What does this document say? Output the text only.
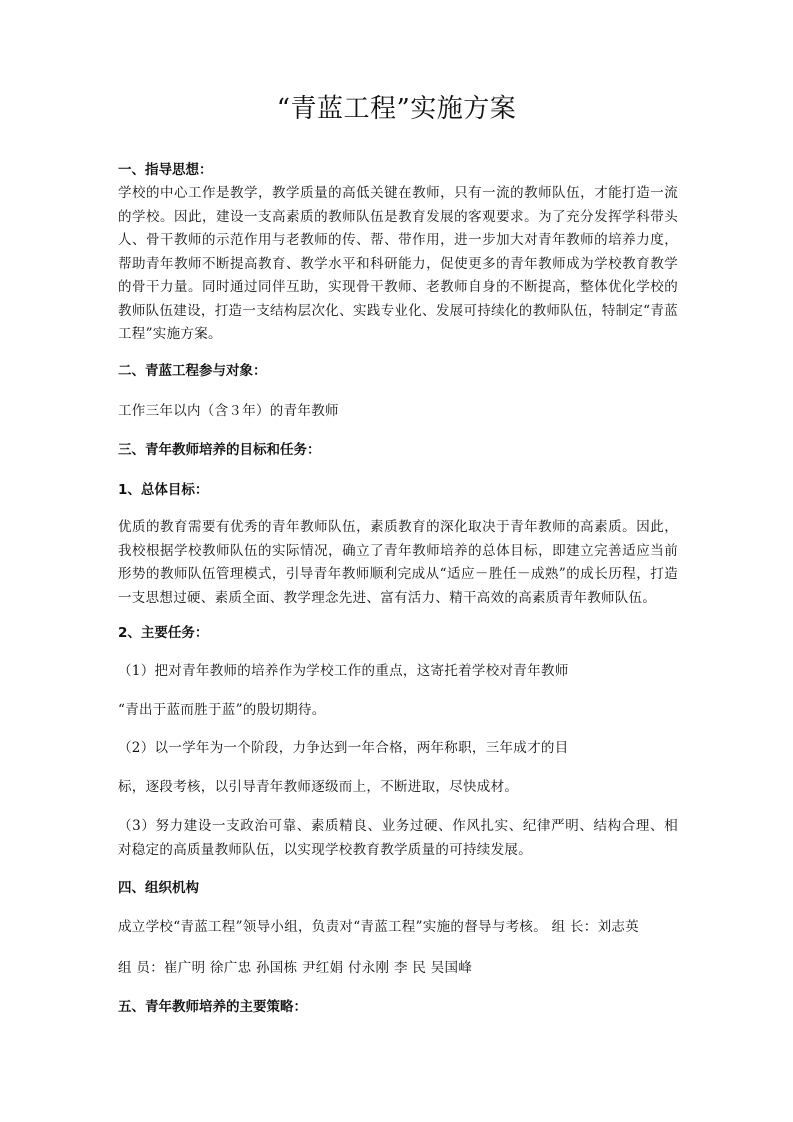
“青蓝工程”实施方案

一、指导思想：

学校的中心工作是教学，教学质量的高低关键在教师，只有一流的教师队伍，才能打造一流的学校。因此，建设一支高素质的教师队伍是教育发展的客观要求。为了充分发挥学科带头人、骨干教师的示范作用与老教师的传、帮、带作用，进一步加大对青年教师的培养力度，帮助青年教师不断提高教育、教学水平和科研能力，促使更多的青年教师成为学校教育教学的骨干力量。同时通过同伴互助，实现骨干教师、老教师自身的不断提高，整体优化学校的教师队伍建设，打造一支结构层次化、实践专业化、发展可持续化的教师队伍，特制定“青蓝工程”实施方案。

二、青蓝工程参与对象：

工作三年以内（含３年）的青年教师

三、青年教师培养的目标和任务：

1、总体目标：

优质的教育需要有优秀的青年教师队伍，素质教育的深化取决于青年教师的高素质。因此，我校根据学校教师队伍的实际情况，确立了青年教师培养的总体目标，即建立完善适应当前形势的教师队伍管理模式，引导青年教师顺利完成从“适应－胜任－成熟”的成长历程，打造一支思想过硬、素质全面、教学理念先进、富有活力、精干高效的高素质青年教师队伍。

2、主要任务：

（1）把对青年教师的培养作为学校工作的重点，这寄托着学校对青年教师

“青出于蓝而胜于蓝”的殷切期待。

（2）以一学年为一个阶段，力争达到一年合格，两年称职，三年成才的目

标，逐段考核，以引导青年教师逐级而上，不断进取，尽快成材。

（3）努力建设一支政治可靠、素质精良、业务过硬、作风扎实、纪律严明、结构合理、相对稳定的高质量教师队伍，以实现学校教育教学质量的可持续发展。

四、组织机构

成立学校“青蓝工程”领导小组，负责对“青蓝工程”实施的督导与考核。 组 长：刘志英

组 员：崔广明 徐广忠 孙国栋 尹红娟 付永刚 李 民 吴国峰

五、青年教师培养的主要策略：
